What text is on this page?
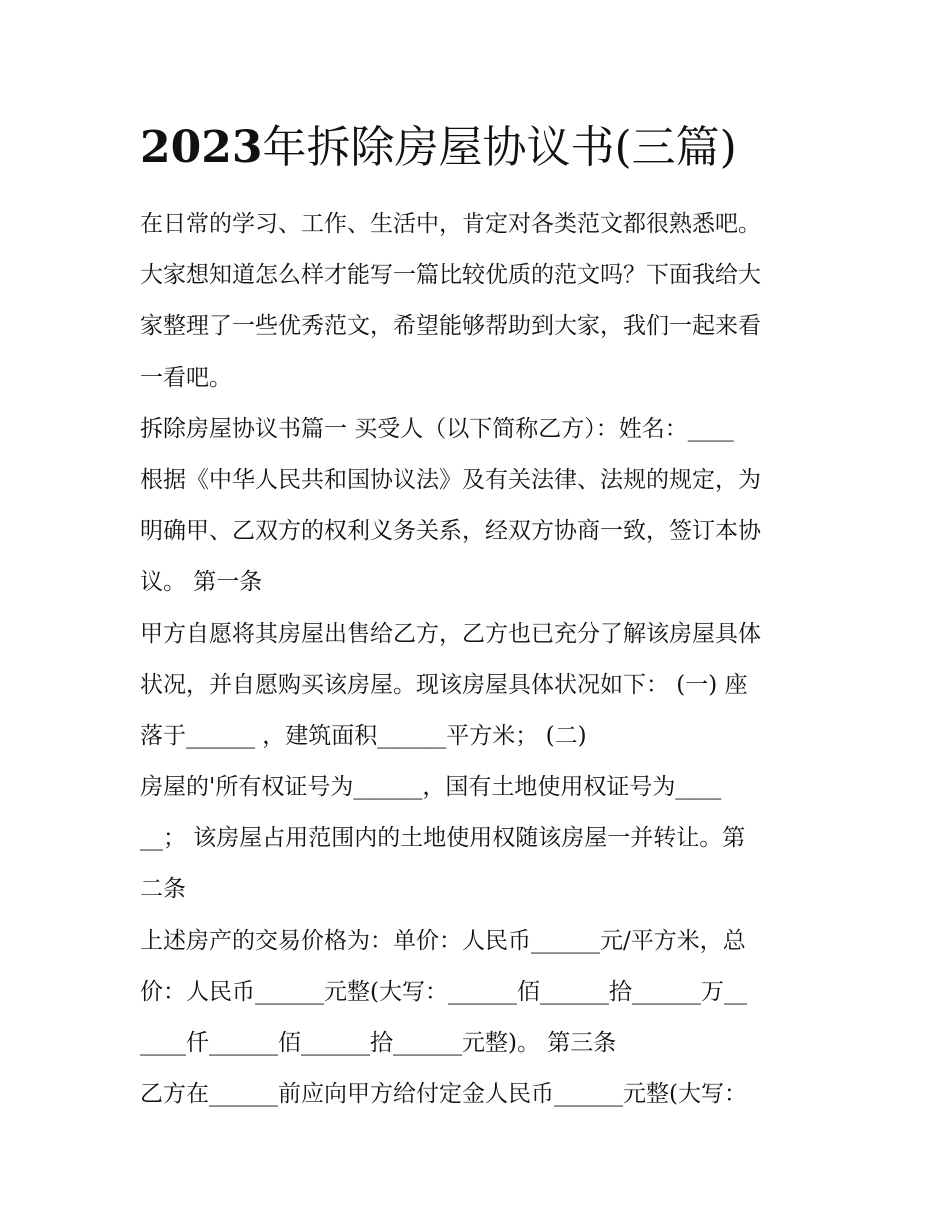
2023年拆除房屋协议书(三篇)
在日常的学习、工作、生活中，肯定对各类范文都很熟悉吧。
大家想知道怎么样才能写一篇比较优质的范文吗？下面我给大
家整理了一些优秀范文，希望能够帮助到大家，我们一起来看
一看吧。
拆除房屋协议书篇一 买受人（以下简称乙方）：姓名：____
根据《中华人民共和国协议法》及有关法律、法规的规定，为
明确甲、乙双方的权利义务关系，经双方协商一致，签订本协
议。 第一条
甲方自愿将其房屋出售给乙方，乙方也已充分了解该房屋具体
状况，并自愿购买该房屋。现该房屋具体状况如下： (一) 座
落于______ ，建筑面积______平方米； (二)
房屋的'所有权证号为______，国有土地使用权证号为____
__； 该房屋占用范围内的土地使用权随该房屋一并转让。第
二条
上述房产的交易价格为：单价：人民币______元/平方米，总
价：人民币______元整(大写：______佰______拾______万__
____仟______佰______拾______元整)。 第三条
乙方在______前应向甲方给付定金人民币______元整(大写：
